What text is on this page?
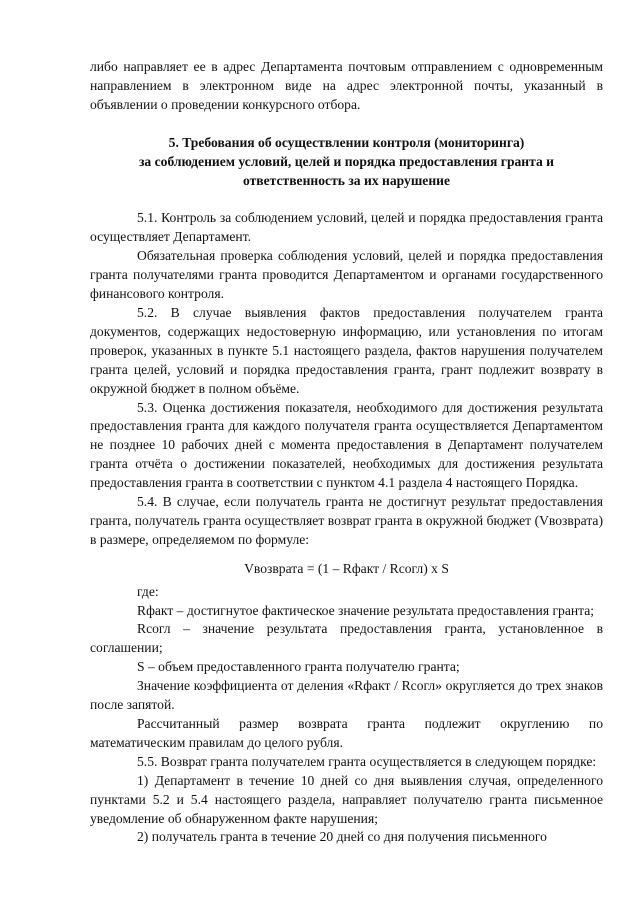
либо направляет ее в адрес Департамента почтовым отправлением с одновременным направлением в электронном виде на адрес электронной почты, указанный в объявлении о проведении конкурсного отбора.

5. Требования об осуществлении контроля (мониторинга)
за соблюдением условий, целей и порядка предоставления гранта и
ответственность за их нарушение

5.1. Контроль за соблюдением условий, целей и порядка предоставления гранта осуществляет Департамент.

Обязательная проверка соблюдения условий, целей и порядка предоставления гранта получателями гранта проводится Департаментом и органами государственного финансового контроля.

5.2. В случае выявления фактов предоставления получателем гранта документов, содержащих недостоверную информацию, или установления по итогам проверок, указанных в пункте 5.1 настоящего раздела, фактов нарушения получателем гранта целей, условий и порядка предоставления гранта, грант подлежит возврату в окружной бюджет в полном объёме.

5.3. Оценка достижения показателя, необходимого для достижения результата предоставления гранта для каждого получателя гранта осуществляется Департаментом не позднее 10 рабочих дней с момента предоставления в Департамент получателем гранта отчёта о достижении показателей, необходимых для достижения результата предоставления гранта в соответствии с пунктом 4.1 раздела 4 настоящего Порядка.

5.4. В случае, если получатель гранта не достигнут результат предоставления гранта, получатель гранта осуществляет возврат гранта в окружной бюджет (Vвозврата) в размере, определяемом по формуле:

Vвозврата = (1 – Rфакт / Rсогл) x S

где:

Rфакт – достигнутое фактическое значение результата предоставления гранта;

Rсогл – значение результата предоставления гранта, установленное в соглашении;

S – объем предоставленного гранта получателю гранта;

Значение коэффициента от деления «Rфакт / Rсогл» округляется до трех знаков после запятой.

Рассчитанный размер возврата гранта подлежит округлению по математическим правилам до целого рубля.

5.5. Возврат гранта получателем гранта осуществляется в следующем порядке:

1) Департамент в течение 10 дней со дня выявления случая, определенного пунктами 5.2 и 5.4 настоящего раздела, направляет получателю гранта письменное уведомление об обнаруженном факте нарушения;

2) получатель гранта в течение 20 дней со дня получения письменного
